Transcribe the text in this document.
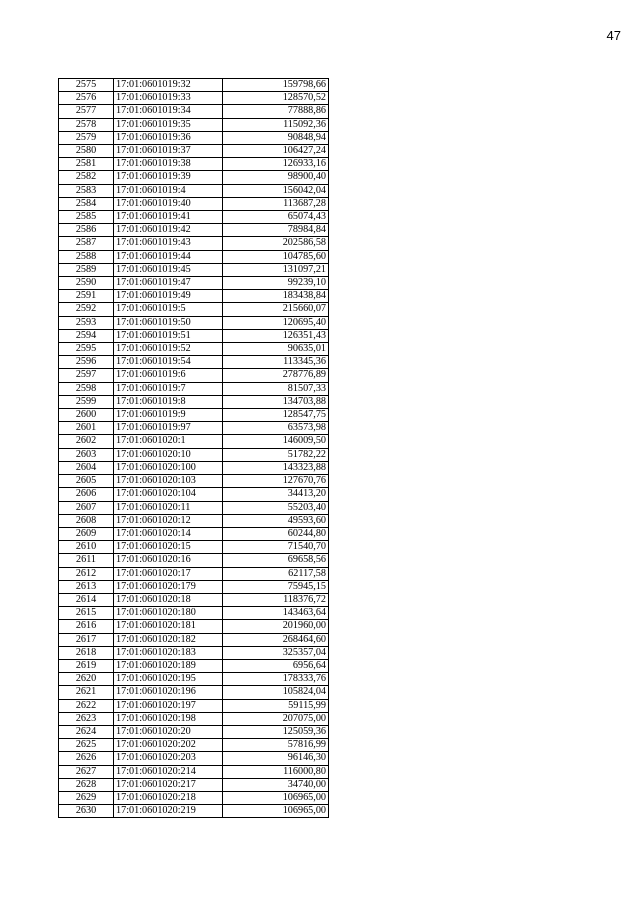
47
2575	17:01:0601019:32	159798,66
2576	17:01:0601019:33	128570,52
2577	17:01:0601019:34	77888,86
2578	17:01:0601019:35	115092,36
2579	17:01:0601019:36	90848,94
2580	17:01:0601019:37	106427,24
2581	17:01:0601019:38	126933,16
2582	17:01:0601019:39	98900,40
2583	17:01:0601019:4	156042,04
2584	17:01:0601019:40	113687,28
2585	17:01:0601019:41	65074,43
2586	17:01:0601019:42	78984,84
2587	17:01:0601019:43	202586,58
2588	17:01:0601019:44	104785,60
2589	17:01:0601019:45	131097,21
2590	17:01:0601019:47	99239,10
2591	17:01:0601019:49	183438,84
2592	17:01:0601019:5	215660,07
2593	17:01:0601019:50	120695,40
2594	17:01:0601019:51	126351,43
2595	17:01:0601019:52	90635,01
2596	17:01:0601019:54	113345,36
2597	17:01:0601019:6	278776,89
2598	17:01:0601019:7	81507,33
2599	17:01:0601019:8	134703,88
2600	17:01:0601019:9	128547,75
2601	17:01:0601019:97	63573,98
2602	17:01:0601020:1	146009,50
2603	17:01:0601020:10	51782,22
2604	17:01:0601020:100	143323,88
2605	17:01:0601020:103	127670,76
2606	17:01:0601020:104	34413,20
2607	17:01:0601020:11	55203,40
2608	17:01:0601020:12	49593,60
2609	17:01:0601020:14	60244,80
2610	17:01:0601020:15	71540,70
2611	17:01:0601020:16	69658,56
2612	17:01:0601020:17	62117,58
2613	17:01:0601020:179	75945,15
2614	17:01:0601020:18	118376,72
2615	17:01:0601020:180	143463,64
2616	17:01:0601020:181	201960,00
2617	17:01:0601020:182	268464,60
2618	17:01:0601020:183	325357,04
2619	17:01:0601020:189	6956,64
2620	17:01:0601020:195	178333,76
2621	17:01:0601020:196	105824,04
2622	17:01:0601020:197	59115,99
2623	17:01:0601020:198	207075,00
2624	17:01:0601020:20	125059,36
2625	17:01:0601020:202	57816,99
2626	17:01:0601020:203	96146,30
2627	17:01:0601020:214	116000,80
2628	17:01:0601020:217	34740,00
2629	17:01:0601020:218	106965,00
2630	17:01:0601020:219	106965,00
